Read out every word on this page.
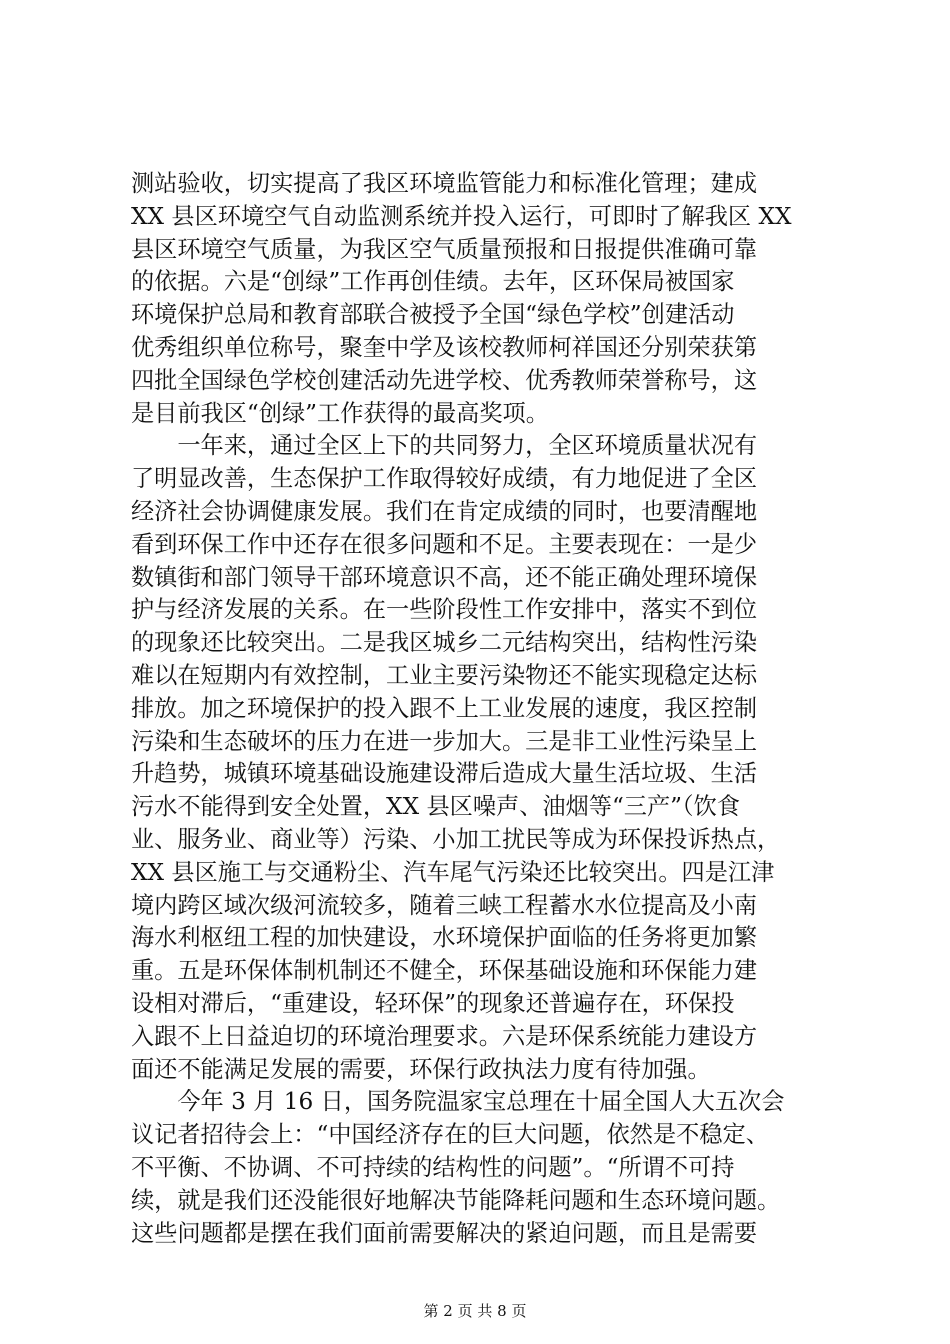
测站验收，切实提高了我区环境监管能力和标准化管理；建成
XX 县区环境空气自动监测系统并投入运行，可即时了解我区 XX
县区环境空气质量，为我区空气质量预报和日报提供准确可靠
的依据。六是“创绿”工作再创佳绩。去年，区环保局被国家
环境保护总局和教育部联合被授予全国“绿色学校”创建活动
优秀组织单位称号，聚奎中学及该校教师柯祥国还分别荣获第
四批全国绿色学校创建活动先进学校、优秀教师荣誉称号，这
是目前我区“创绿”工作获得的最高奖项。
　　一年来，通过全区上下的共同努力，全区环境质量状况有
了明显改善，生态保护工作取得较好成绩，有力地促进了全区
经济社会协调健康发展。我们在肯定成绩的同时，也要清醒地
看到环保工作中还存在很多问题和不足。主要表现在：一是少
数镇街和部门领导干部环境意识不高，还不能正确处理环境保
护与经济发展的关系。在一些阶段性工作安排中，落实不到位
的现象还比较突出。二是我区城乡二元结构突出，结构性污染
难以在短期内有效控制，工业主要污染物还不能实现稳定达标
排放。加之环境保护的投入跟不上工业发展的速度，我区控制
污染和生态破坏的压力在进一步加大。三是非工业性污染呈上
升趋势，城镇环境基础设施建设滞后造成大量生活垃圾、生活
污水不能得到安全处置，XX 县区噪声、油烟等“三产”（饮食
业、服务业、商业等）污染、小加工扰民等成为环保投诉热点，
XX 县区施工与交通粉尘、汽车尾气污染还比较突出。四是江津
境内跨区域次级河流较多，随着三峡工程蓄水水位提高及小南
海水利枢纽工程的加快建设，水环境保护面临的任务将更加繁
重。五是环保体制机制还不健全，环保基础设施和环保能力建
设相对滞后，“重建设，轻环保”的现象还普遍存在，环保投
入跟不上日益迫切的环境治理要求。六是环保系统能力建设方
面还不能满足发展的需要，环保行政执法力度有待加强。
　　今年 3 月 16 日，国务院温家宝总理在十届全国人大五次会
议记者招待会上：“中国经济存在的巨大问题，依然是不稳定、
不平衡、不协调、不可持续的结构性的问题”。“所谓不可持
续，就是我们还没能很好地解决节能降耗问题和生态环境问题。
这些问题都是摆在我们面前需要解决的紧迫问题，而且是需要
第 2 页 共 8 页
